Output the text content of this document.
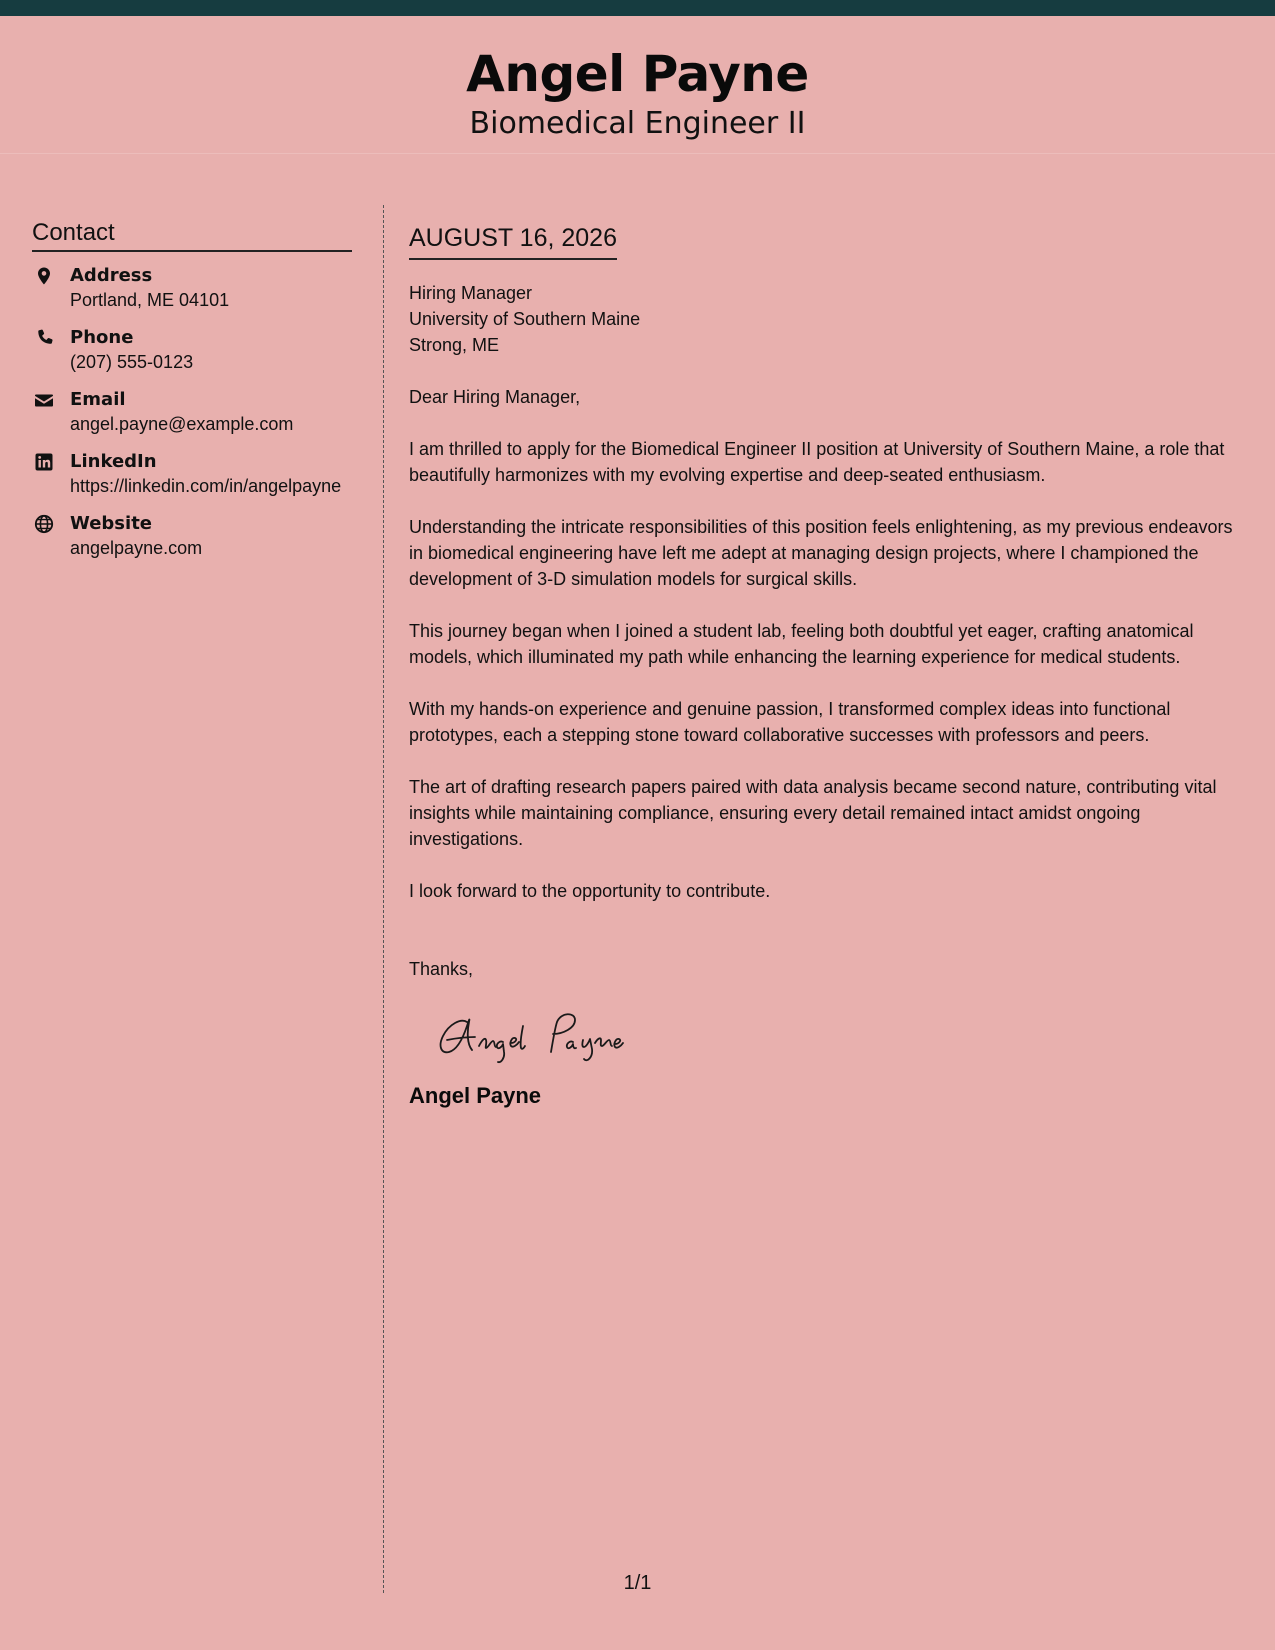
Angel Payne
Biomedical Engineer II
Contact
Address
Portland, ME 04101
Phone
(207) 555-0123
Email
angel.payne@example.com
LinkedIn
https://linkedin.com/in/angelpayne
Website
angelpayne.com
AUGUST 16, 2026
Hiring Manager
University of Southern Maine
Strong, ME

Dear Hiring Manager,

I am thrilled to apply for the Biomedical Engineer II position at University of Southern Maine, a role that beautifully harmonizes with my evolving expertise and deep-seated enthusiasm.

Understanding the intricate responsibilities of this position feels enlightening, as my previous endeavors in biomedical engineering have left me adept at managing design projects, where I championed the development of 3-D simulation models for surgical skills.

This journey began when I joined a student lab, feeling both doubtful yet eager, crafting anatomical models, which illuminated my path while enhancing the learning experience for medical students.

With my hands-on experience and genuine passion, I transformed complex ideas into functional prototypes, each a stepping stone toward collaborative successes with professors and peers.

The art of drafting research papers paired with data analysis became second nature, contributing vital insights while maintaining compliance, ensuring every detail remained intact amidst ongoing investigations.

I look forward to the opportunity to contribute.

Thanks,

Angel Payne
1/1
